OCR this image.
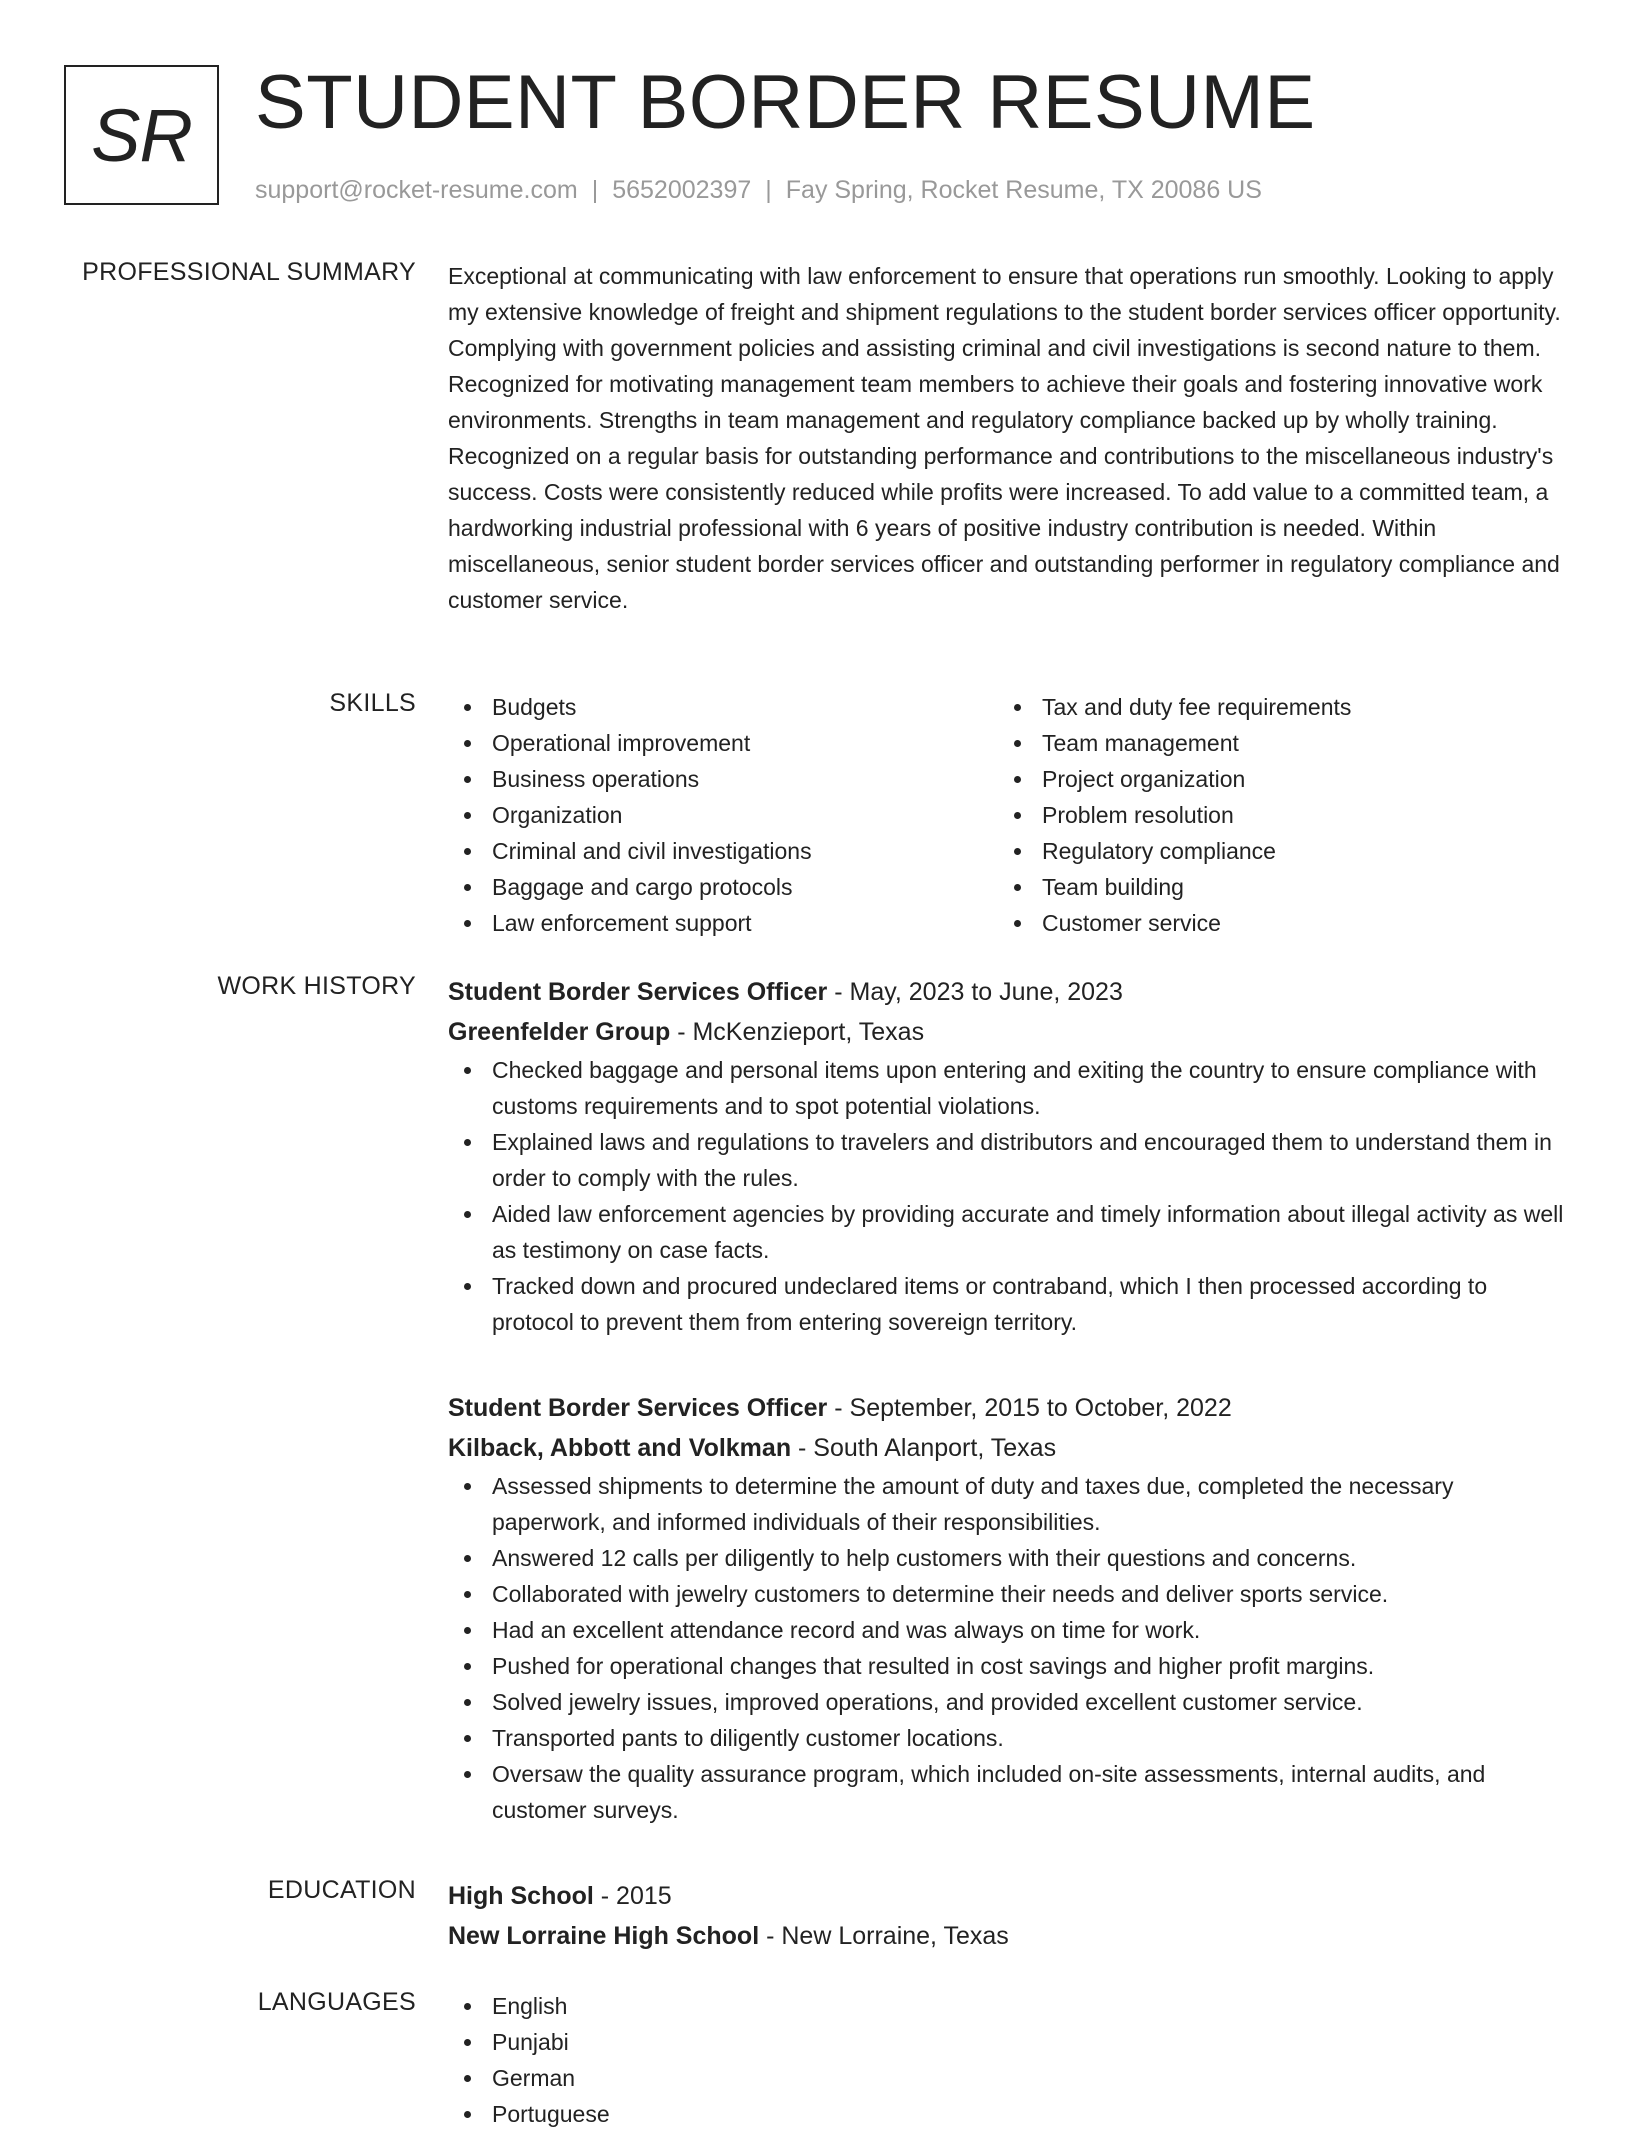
SR STUDENT BORDER RESUME
support@rocket-resume.com | 5652002397 | Fay Spring, Rocket Resume, TX 20086 US
PROFESSIONAL SUMMARY Exceptional at communicating with law enforcement to ensure that operations run smoothly. Looking to apply my extensive knowledge of freight and shipment regulations to the student border services officer opportunity. Complying with government policies and assisting criminal and civil investigations is second nature to them. Recognized for motivating management team members to achieve their goals and fostering innovative work environments. Strengths in team management and regulatory compliance backed up by wholly training. Recognized on a regular basis for outstanding performance and contributions to the miscellaneous industry's success. Costs were consistently reduced while profits were increased. To add value to a committed team, a hardworking industrial professional with 6 years of positive industry contribution is needed. Within miscellaneous, senior student border services officer and outstanding performer in regulatory compliance and customer service.

SKILLS	Budgets
Operational improvement
Business operations
Organization
Criminal and civil investigations
Baggage and cargo protocols
Law enforcement support
Tax and duty fee requirements
Team management
Project organization
Problem resolution
Regulatory compliance
Team building
Customer service
WORK HISTORY Student Border Services Officer - May, 2023 to June, 2023
Greenfelder Group - McKenzieport, Texas
Checked baggage and personal items upon entering and exiting the country to ensure compliance with customs requirements and to spot potential violations.
Explained laws and regulations to travelers and distributors and encouraged them to understand them in order to comply with the rules.
Aided law enforcement agencies by providing accurate and timely information about illegal activity as well as testimony on case facts.
Tracked down and procured undeclared items or contraband, which I then processed according to protocol to prevent them from entering sovereign territory.
Student Border Services Officer - September, 2015 to October, 2022
Kilback, Abbott and Volkman - South Alanport, Texas
Assessed shipments to determine the amount of duty and taxes due, completed the necessary paperwork, and informed individuals of their responsibilities.
Answered 12 calls per diligently to help customers with their questions and concerns.
Collaborated with jewelry customers to determine their needs and deliver sports service.
Had an excellent attendance record and was always on time for work.
Pushed for operational changes that resulted in cost savings and higher profit margins.
Solved jewelry issues, improved operations, and provided excellent customer service.
Transported pants to diligently customer locations.
Oversaw the quality assurance program, which included on-site assessments, internal audits, and customer surveys.
EDUCATION High School - 2015
New Lorraine High School - New Lorraine, Texas
LANGUAGES	English
Punjabi
German
Portuguese
